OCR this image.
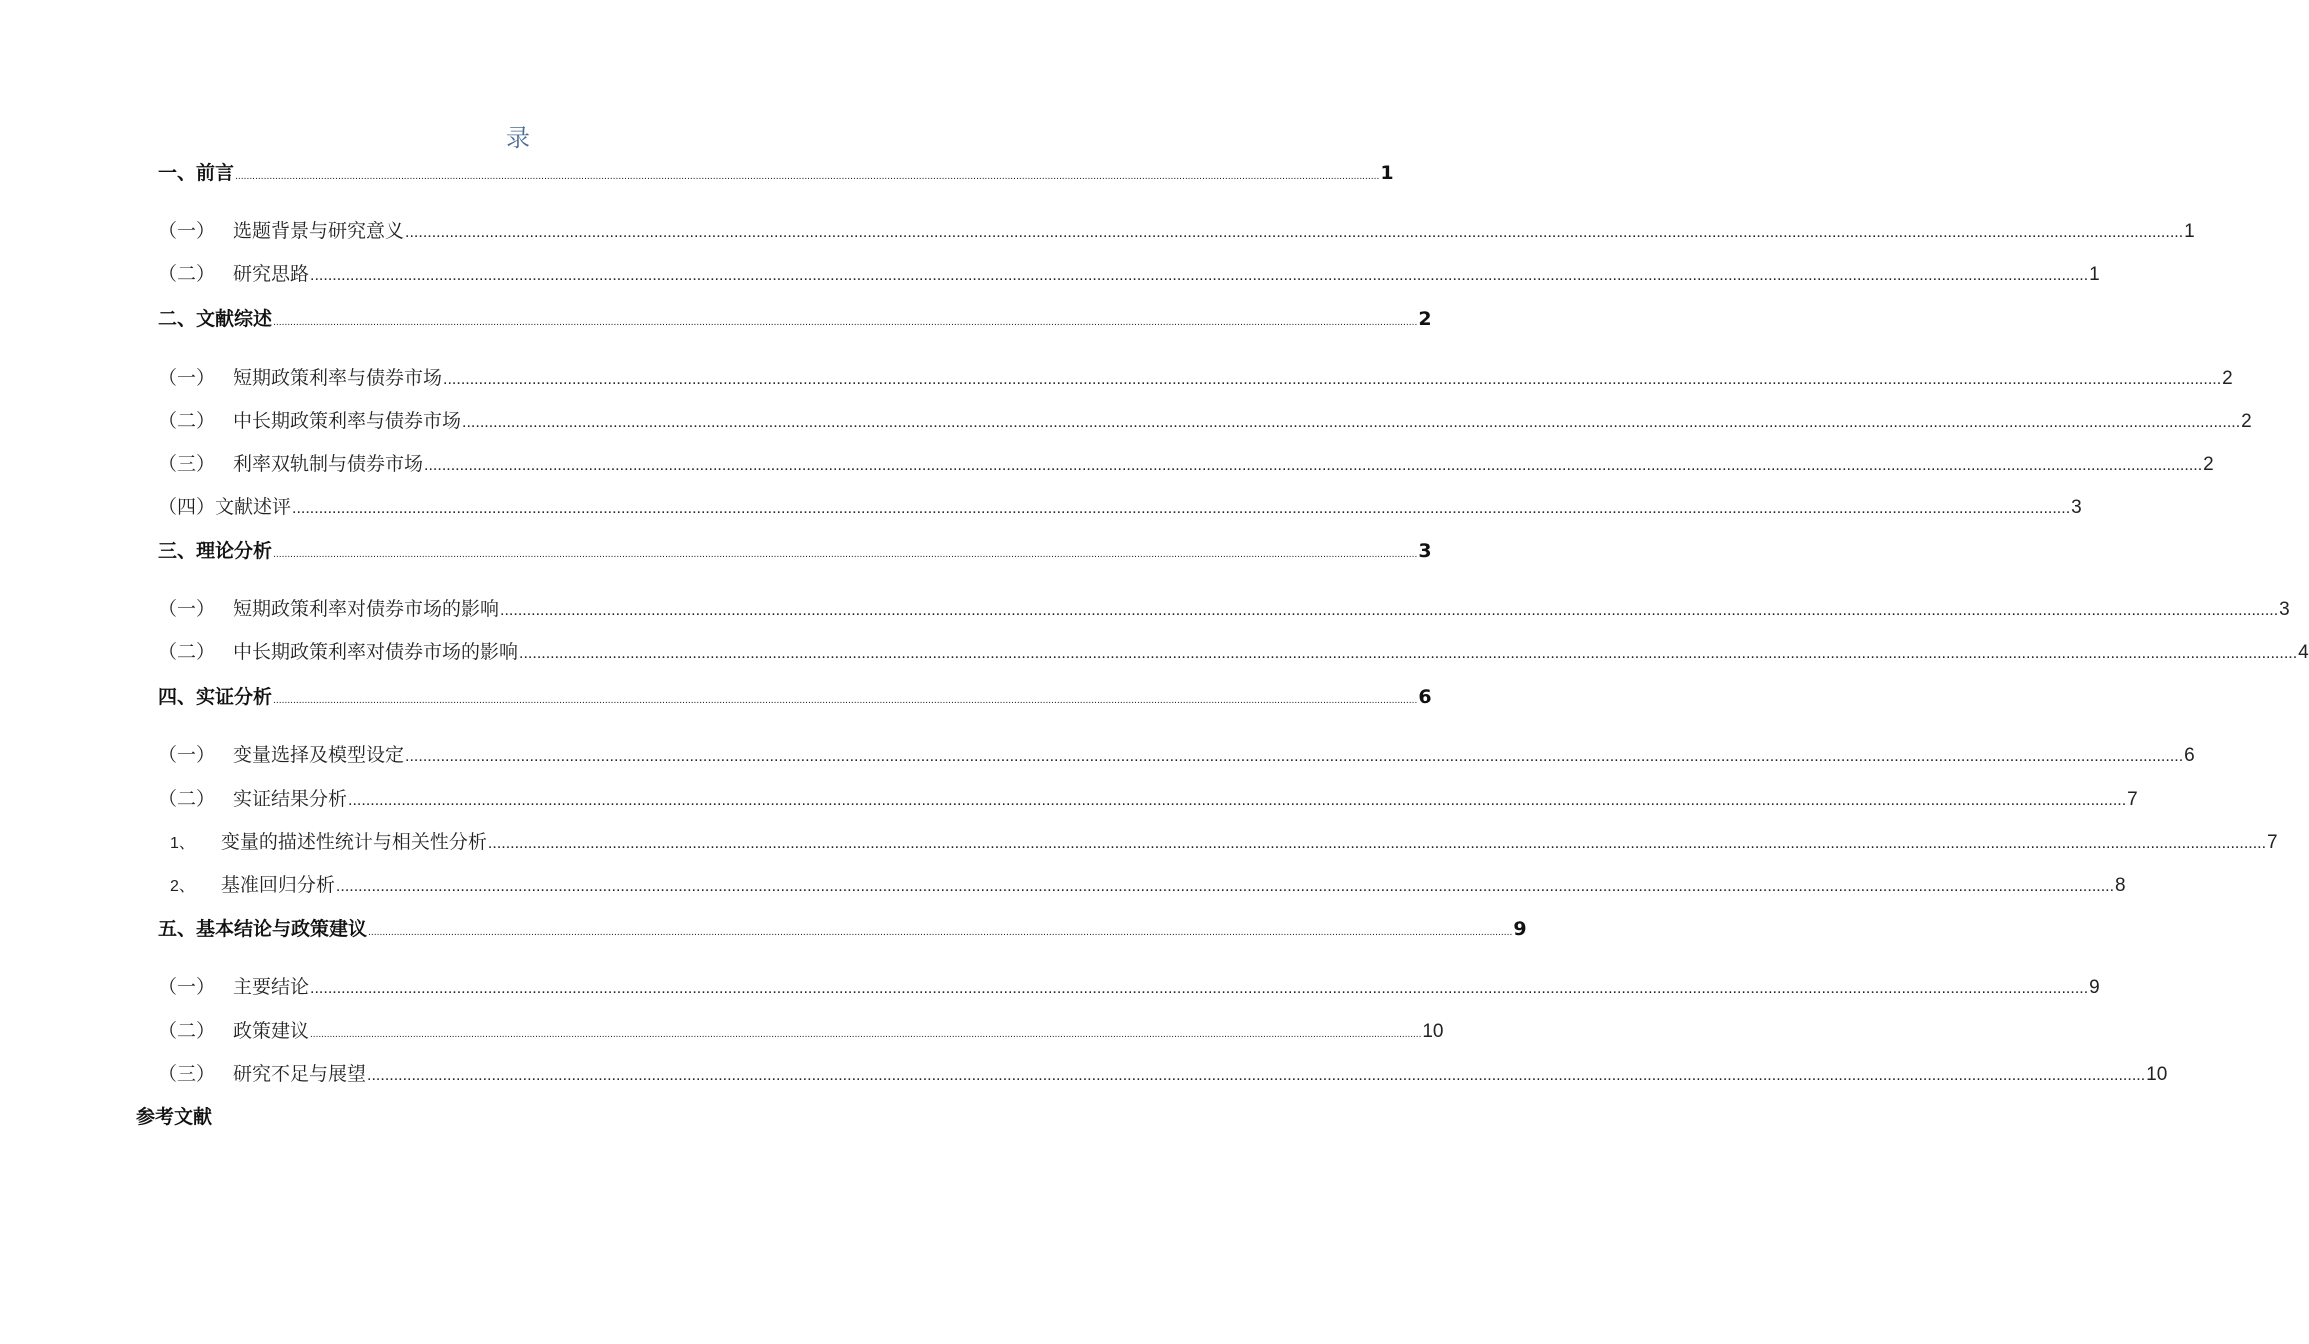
录
一、前言 ................................................................................................................................................................................................................................................................................................................................................................................................................ 1
（一） 选题背景与研究意义 ................................................................................................................................................................................................................................................................................................................................................................................................................ 1
（二） 研究思路 ................................................................................................................................................................................................................................................................................................................................................................................................................ 1
二、文献综述 ................................................................................................................................................................................................................................................................................................................................................................................................................ 2
（一） 短期政策利率与债券市场 ................................................................................................................................................................................................................................................................................................................................................................................................................ 2
（二） 中长期政策利率与债券市场 ................................................................................................................................................................................................................................................................................................................................................................................................................ 2
（三） 利率双轨制与债券市场 ................................................................................................................................................................................................................................................................................................................................................................................................................ 2
（四）文献述评 ................................................................................................................................................................................................................................................................................................................................................................................................................ 3
三、理论分析 ................................................................................................................................................................................................................................................................................................................................................................................................................ 3
（一） 短期政策利率对债券市场的影响 ................................................................................................................................................................................................................................................................................................................................................................................................................ 3
（二） 中长期政策利率对债券市场的影响 ................................................................................................................................................................................................................................................................................................................................................................................................................ 4
四、实证分析 ................................................................................................................................................................................................................................................................................................................................................................................................................ 6
（一） 变量选择及模型设定 ................................................................................................................................................................................................................................................................................................................................................................................................................ 6
（二） 实证结果分析 ................................................................................................................................................................................................................................................................................................................................................................................................................ 7
1、 变量的描述性统计与相关性分析 ................................................................................................................................................................................................................................................................................................................................................................................................................ 7
2、 基准回归分析 ................................................................................................................................................................................................................................................................................................................................................................................................................ 8
五、基本结论与政策建议 ................................................................................................................................................................................................................................................................................................................................................................................................................ 9
（一） 主要结论 ................................................................................................................................................................................................................................................................................................................................................................................................................ 9
（二） 政策建议 ................................................................................................................................................................................................................................................................................................................................................................................................................ 10
（三） 研究不足与展望 ................................................................................................................................................................................................................................................................................................................................................................................................................ 10
参考文献
